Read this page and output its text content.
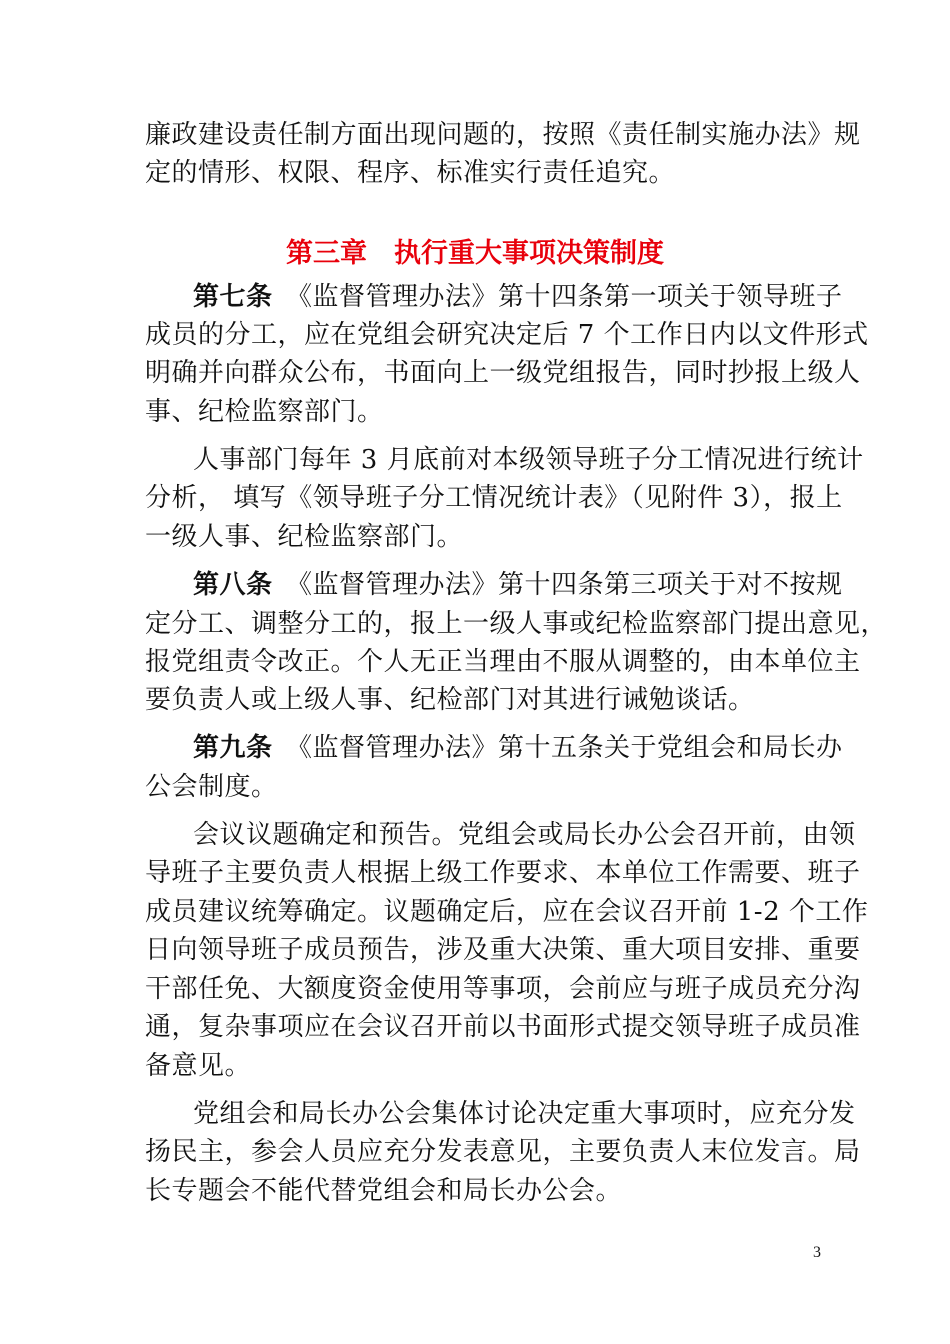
廉政建设责任制方面出现问题的，按照《责任制实施办法》规
定的情形、权限、程序、标准实行责任追究。
第三章　执行重大事项决策制度
第七条　《监督管理办法》第十四条第一项关于领导班子
成员的分工，应在党组会研究决定后 7 个工作日内以文件形式
明确并向群众公布，书面向上一级党组报告，同时抄报上级人
事、纪检监察部门。
人事部门每年 3 月底前对本级领导班子分工情况进行统计
分析， 填写《领导班子分工情况统计表》（见附件 3），报上
一级人事、纪检监察部门。
第八条　《监督管理办法》第十四条第三项关于对不按规
定分工、调整分工的，报上一级人事或纪检监察部门提出意见，
报党组责令改正。个人无正当理由不服从调整的，由本单位主
要负责人或上级人事、纪检部门对其进行诫勉谈话。
第九条　《监督管理办法》第十五条关于党组会和局长办
公会制度。
会议议题确定和预告。党组会或局长办公会召开前，由领
导班子主要负责人根据上级工作要求、本单位工作需要、班子
成员建议统筹确定。议题确定后，应在会议召开前 1-2 个工作
日向领导班子成员预告，涉及重大决策、重大项目安排、重要
干部任免、大额度资金使用等事项，会前应与班子成员充分沟
通，复杂事项应在会议召开前以书面形式提交领导班子成员准
备意见。
党组会和局长办公会集体讨论决定重大事项时，应充分发
扬民主，参会人员应充分发表意见，主要负责人末位发言。局
长专题会不能代替党组会和局长办公会。
3
